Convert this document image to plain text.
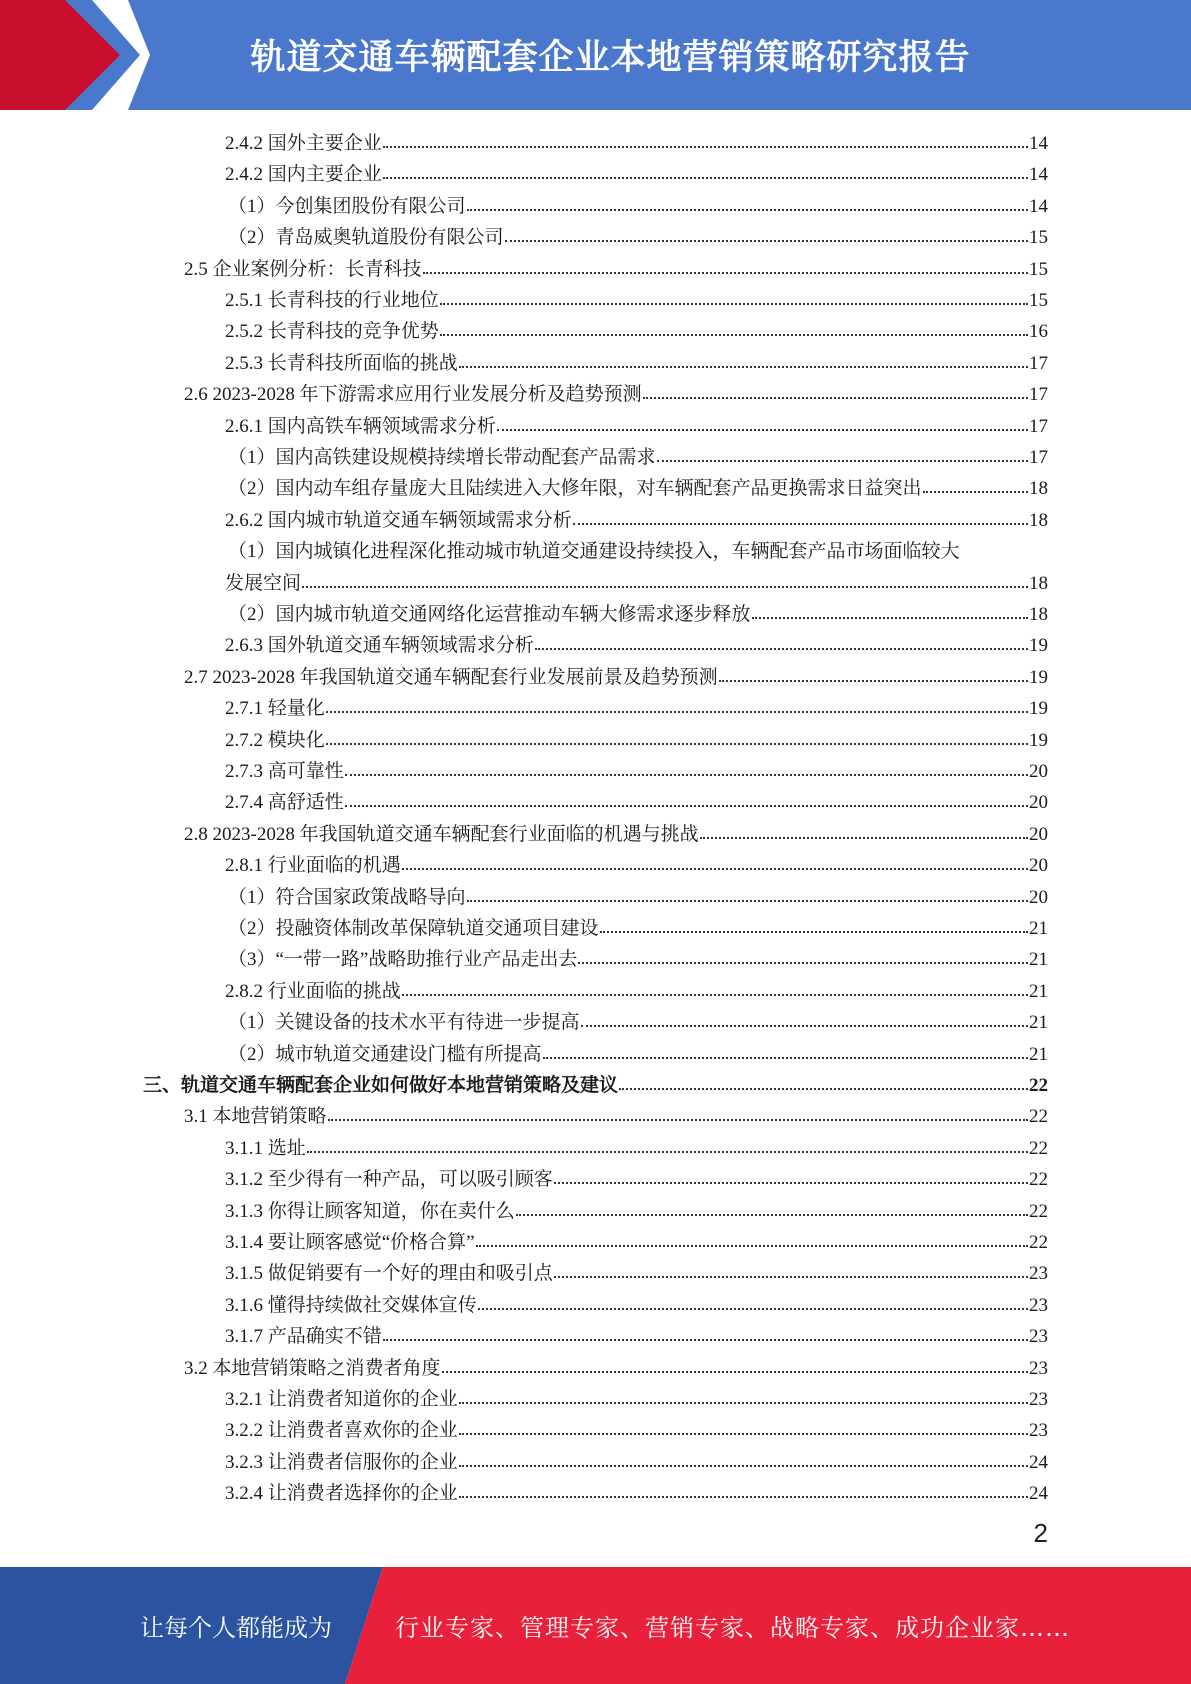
轨道交通车辆配套企业本地营销策略研究报告
2.4.2 国外主要企业	14
2.4.2 国内主要企业	14
（1）今创集团股份有限公司	14
（2）青岛威奥轨道股份有限公司	15
2.5 企业案例分析：长青科技	15
2.5.1 长青科技的行业地位	15
2.5.2 长青科技的竞争优势	16
2.5.3 长青科技所面临的挑战	17
2.6 2023-2028 年下游需求应用行业发展分析及趋势预测	17
2.6.1 国内高铁车辆领域需求分析	17
（1）国内高铁建设规模持续增长带动配套产品需求	17
（2）国内动车组存量庞大且陆续进入大修年限，对车辆配套产品更换需求日益突出	18
2.6.2 国内城市轨道交通车辆领域需求分析	18
（1）国内城镇化进程深化推动城市轨道交通建设持续投入，车辆配套产品市场面临较大
发展空间	18
（2）国内城市轨道交通网络化运营推动车辆大修需求逐步释放	18
2.6.3 国外轨道交通车辆领域需求分析	19
2.7 2023-2028 年我国轨道交通车辆配套行业发展前景及趋势预测	19
2.7.1 轻量化	19
2.7.2 模块化	19
2.7.3 高可靠性	20
2.7.4 高舒适性	20
2.8 2023-2028 年我国轨道交通车辆配套行业面临的机遇与挑战	20
2.8.1 行业面临的机遇	20
（1）符合国家政策战略导向	20
（2）投融资体制改革保障轨道交通项目建设	21
（3）“一带一路”战略助推行业产品走出去	21
2.8.2 行业面临的挑战	21
（1）关键设备的技术水平有待进一步提高	21
（2）城市轨道交通建设门槛有所提高	21
三、轨道交通车辆配套企业如何做好本地营销策略及建议	22
3.1 本地营销策略	22
3.1.1 选址	22
3.1.2 至少得有一种产品，可以吸引顾客	22
3.1.3 你得让顾客知道，你在卖什么	22
3.1.4 要让顾客感觉“价格合算”	22
3.1.5 做促销要有一个好的理由和吸引点	23
3.1.6 懂得持续做社交媒体宣传	23
3.1.7 产品确实不错	23
3.2 本地营销策略之消费者角度	23
3.2.1 让消费者知道你的企业	23
3.2.2 让消费者喜欢你的企业	23
3.2.3 让消费者信服你的企业	24
3.2.4 让消费者选择你的企业	24
2
让每个人都能成为	行业专家、管理专家、营销专家、战略专家、成功企业家……
